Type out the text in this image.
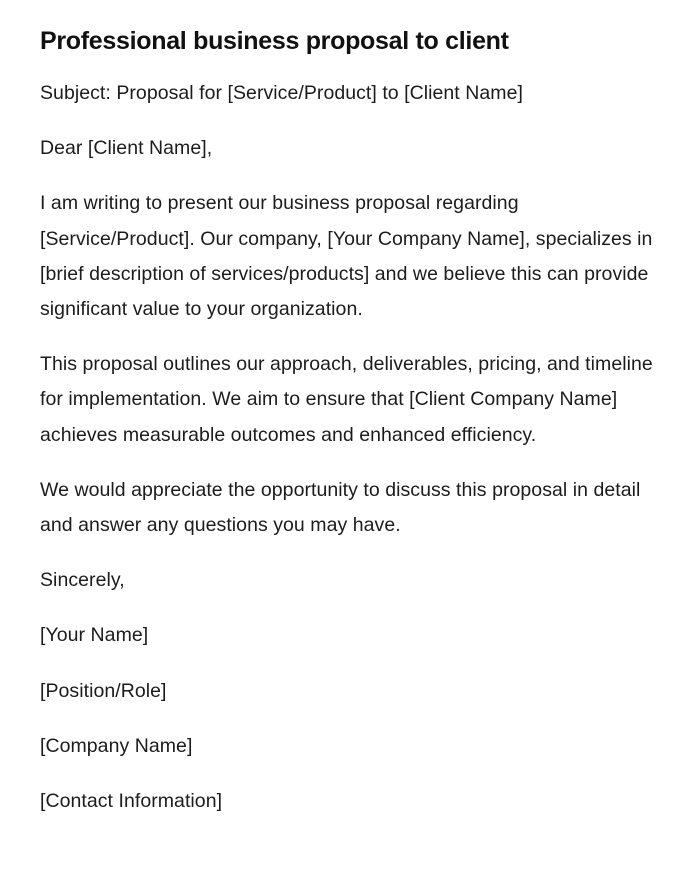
Professional business proposal to client

Subject: Proposal for [Service/Product] to [Client Name]

Dear [Client Name],

I am writing to present our business proposal regarding [Service/Product]. Our company, [Your Company Name], specializes in [brief description of services/products] and we believe this can provide significant value to your organization.

This proposal outlines our approach, deliverables, pricing, and timeline for implementation. We aim to ensure that [Client Company Name] achieves measurable outcomes and enhanced efficiency.

We would appreciate the opportunity to discuss this proposal in detail and answer any questions you may have.

Sincerely,

[Your Name]

[Position/Role]

[Company Name]

[Contact Information]
